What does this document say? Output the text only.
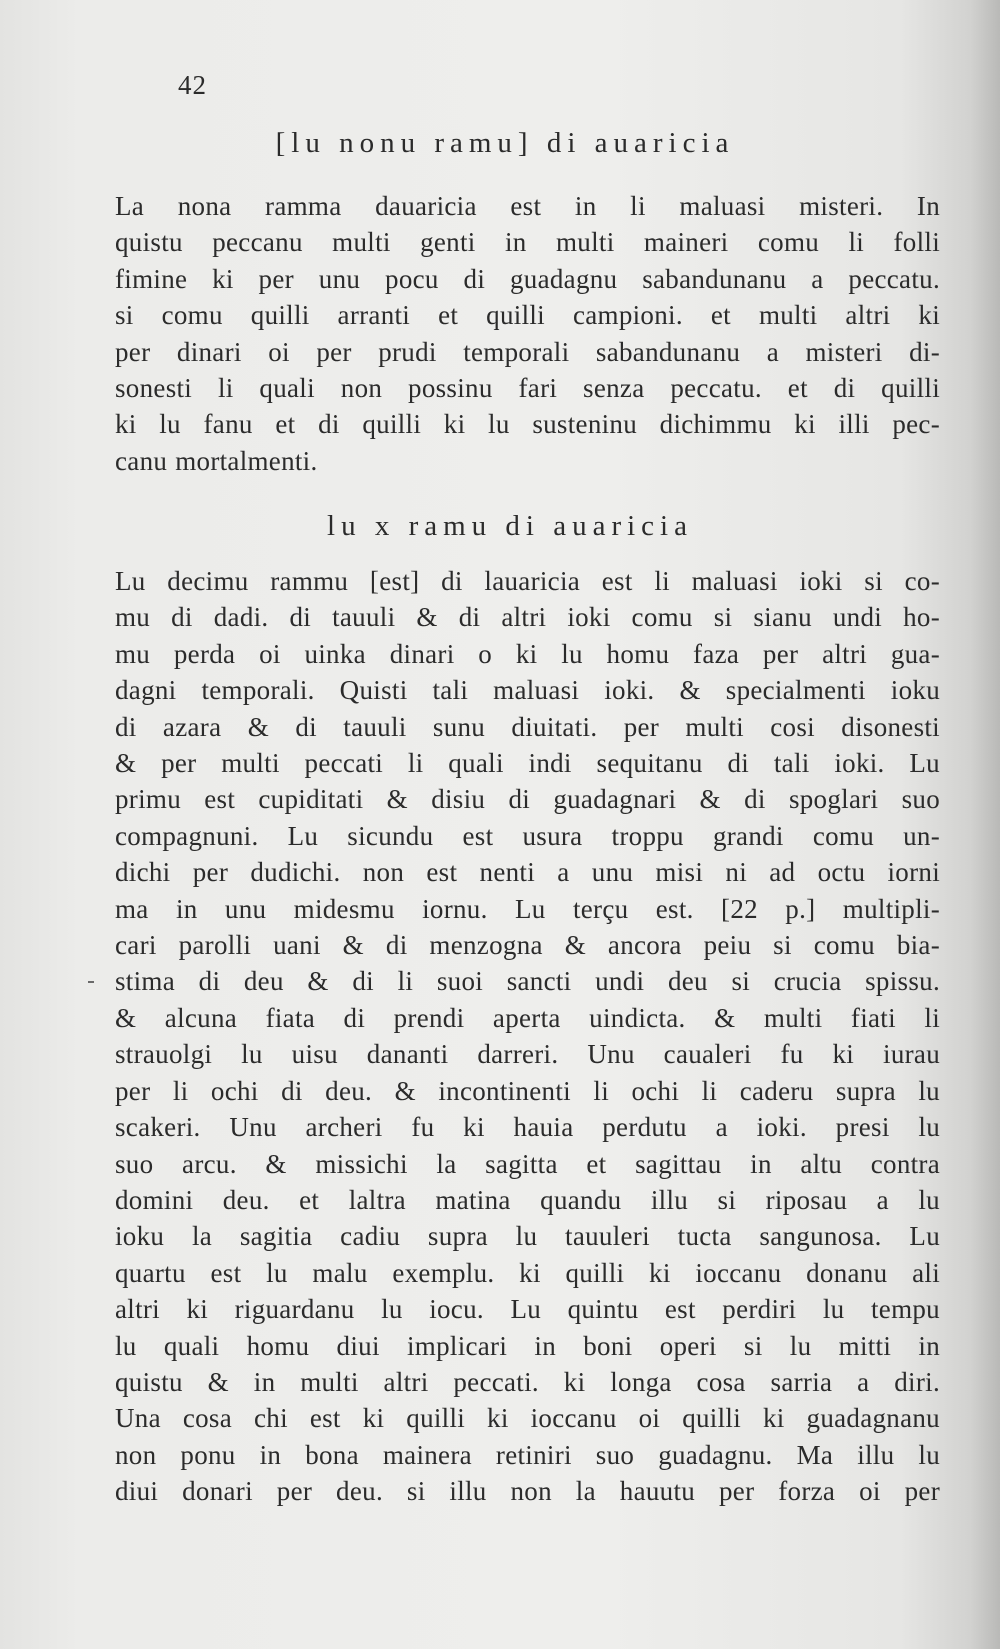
42
[lu nonu ramu] di auaricia
La nona ramma dauaricia est in li maluasi misteri. In
quistu peccanu multi genti in multi maineri comu li folli
fimine ki per unu pocu di guadagnu sabandunanu a peccatu.
si comu quilli arranti et quilli campioni. et multi altri ki
per dinari oi per prudi temporali sabandunanu a misteri di-
sonesti li quali non possinu fari senza peccatu. et di quilli
ki lu fanu et di quilli ki lu susteninu dichimmu ki illi pec-
canu mortalmenti.
lu x ramu di auaricia
Lu decimu rammu [est] di lauaricia est li maluasi ioki si co-
mu di dadi. di tauuli & di altri ioki comu si sianu undi ho-
mu perda oi uinka dinari o ki lu homu faza per altri gua-
dagni temporali. Quisti tali maluasi ioki. & specialmenti ioku
di azara & di tauuli sunu diuitati. per multi cosi disonesti
& per multi peccati li quali indi sequitanu di tali ioki. Lu
primu est cupiditati & disiu di guadagnari & di spoglari suo
compagnuni. Lu sicundu est usura troppu grandi comu un-
dichi per dudichi. non est nenti a unu misi ni ad octu iorni
ma in unu midesmu iornu. Lu terçu est. [22 p.] multipli-
cari parolli uani & di menzogna & ancora peiu si comu bia-
stima di deu & di li suoi sancti undi deu si crucia spissu.
& alcuna fiata di prendi aperta uindicta. & multi fiati li
strauolgi lu uisu dananti darreri. Unu caualeri fu ki iurau
per li ochi di deu. & incontinenti li ochi li caderu supra lu
scakeri. Unu archeri fu ki hauia perdutu a ioki. presi lu
suo arcu. & missichi la sagitta et sagittau in altu contra
domini deu. et laltra matina quandu illu si riposau a lu
ioku la sagitia cadiu supra lu tauuleri tucta sangunosa. Lu
quartu est lu malu exemplu. ki quilli ki ioccanu donanu ali
altri ki riguardanu lu iocu. Lu quintu est perdiri lu tempu
lu quali homu diui implicari in boni operi si lu mitti in
quistu & in multi altri peccati. ki longa cosa sarria a diri.
Una cosa chi est ki quilli ki ioccanu oi quilli ki guadagnanu
non ponu in bona mainera retiniri suo guadagnu. Ma illu lu
diui donari per deu. si illu non la hauutu per forza oi per
